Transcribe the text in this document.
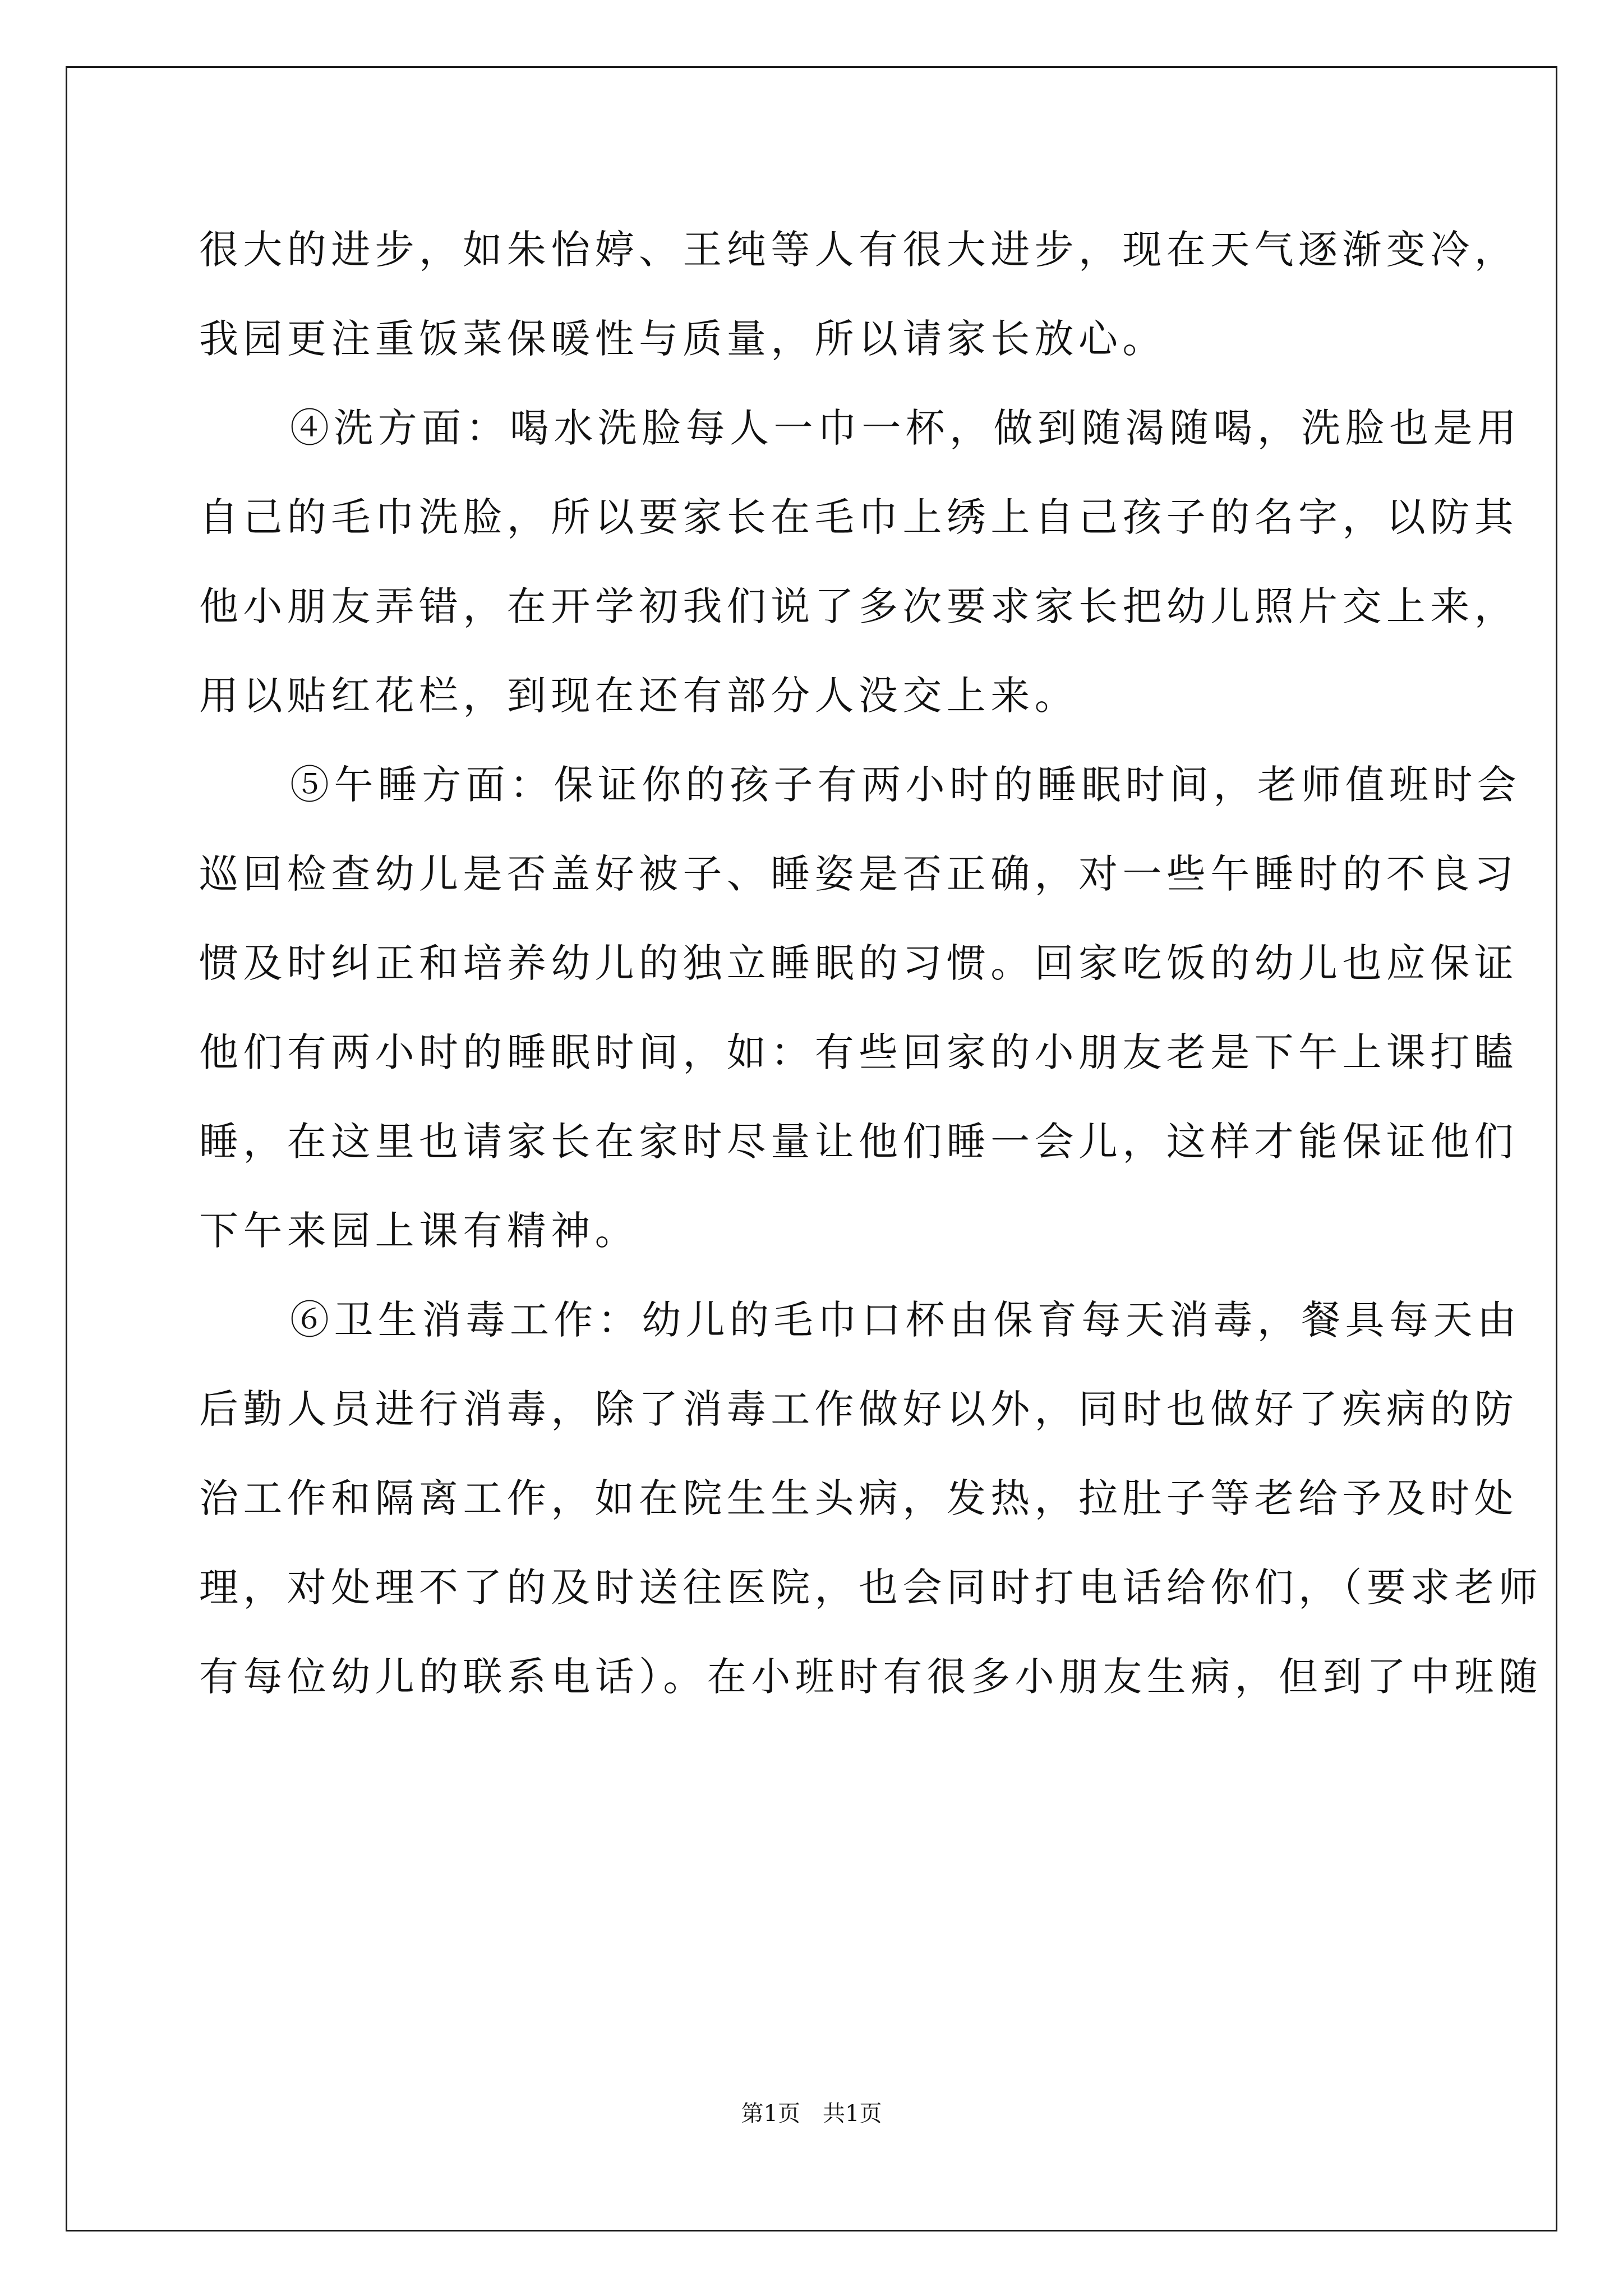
很大的进步，如朱怡婷、王纯等人有很大进步，现在天气逐渐变冷，
我园更注重饭菜保暖性与质量，所以请家长放心。
④洗方面：喝水洗脸每人一巾一杯，做到随渴随喝，洗脸也是用
自己的毛巾洗脸，所以要家长在毛巾上绣上自己孩子的名字，以防其
他小朋友弄错，在开学初我们说了多次要求家长把幼儿照片交上来，
用以贴红花栏，到现在还有部分人没交上来。
⑤午睡方面：保证你的孩子有两小时的睡眠时间，老师值班时会
巡回检查幼儿是否盖好被子、睡姿是否正确，对一些午睡时的不良习
惯及时纠正和培养幼儿的独立睡眠的习惯。回家吃饭的幼儿也应保证
他们有两小时的睡眠时间，如：有些回家的小朋友老是下午上课打瞌
睡，在这里也请家长在家时尽量让他们睡一会儿，这样才能保证他们
下午来园上课有精神。
⑥卫生消毒工作：幼儿的毛巾口杯由保育每天消毒，餐具每天由
后勤人员进行消毒，除了消毒工作做好以外，同时也做好了疾病的防
治工作和隔离工作，如在院生生头病，发热，拉肚子等老给予及时处
理，对处理不了的及时送往医院，也会同时打电话给你们，（要求老师
有每位幼儿的联系电话）。在小班时有很多小朋友生病，但到了中班随
第1页　共1页
